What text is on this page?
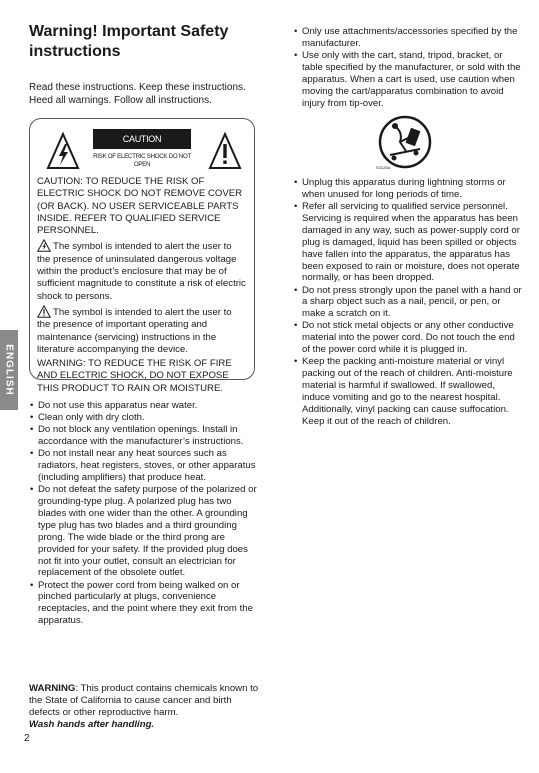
Warning! Important Safety instructions
Read these instructions. Keep these instructions. Heed all warnings. Follow all instructions.
CAUTION
RISK OF ELECTRIC SHOCK DO NOT OPEN

CAUTION: TO REDUCE THE RISK OF ELECTRIC SHOCK DO NOT REMOVE COVER (OR BACK). NO USER SERVICEABLE PARTS INSIDE. REFER TO QUALIFIED SERVICE PERSONNEL.

The symbol is intended to alert the user to the presence of uninsulated dangerous voltage within the product’s enclosure that may be of sufficient magnitude to constitute a risk of electric shock to persons.

The symbol is intended to alert the user to the presence of important operating and maintenance (servicing) instructions in the literature accompanying the device.

WARNING: TO REDUCE THE RISK OF FIRE AND ELECTRIC SHOCK, DO NOT EXPOSE THIS PRODUCT TO RAIN OR MOISTURE.

• Do not use this apparatus near water.
• Clean only with dry cloth.
• Do not block any ventilation openings. Install in accordance with the manufacturer’s instructions.
• Do not install near any heat sources such as radiators, heat registers, stoves, or other apparatus (including amplifiers) that produce heat.
• Do not defeat the safety purpose of the polarized or grounding-type plug. A polarized plug has two blades with one wider than the other. A grounding type plug has two blades and a third grounding prong. The wide blade or the third prong are provided for your safety. If the provided plug does not fit into your outlet, consult an electrician for replacement of the obsolete outlet.
• Protect the power cord from being walked on or pinched particularly at plugs, convenience receptacles, and the point where they exit from the apparatus.
• Only use attachments/accessories specified by the manufacturer.
• Use only with the cart, stand, tripod, bracket, or table specified by the manufacturer, or sold with the apparatus. When a cart is used, use caution when moving the cart/apparatus combination to avoid injury from tip-over.
S3125A
• Unplug this apparatus during lightning storms or when unused for long periods of time.
• Refer all servicing to qualified service personnel. Servicing is required when the apparatus has been damaged in any way, such as power-supply cord or plug is damaged, liquid has been spilled or objects have fallen into the apparatus, the apparatus has been exposed to rain or moisture, does not operate normally, or has been dropped.
• Do not press strongly upon the panel with a hand or a sharp object such as a nail, pencil, or pen, or make a scratch on it.
• Do not stick metal objects or any other conductive material into the power cord. Do not touch the end of the power cord while it is plugged in.
• Keep the packing anti-moisture material or vinyl packing out of the reach of children. Anti-moisture material is harmful if swallowed. If swallowed, induce vomiting and go to the nearest hospital. Additionally, vinyl packing can cause suffocation. Keep it out of the reach of children.
WARNING: This product contains chemicals known to the State of California to cause cancer and birth defects or other reproductive harm.
Wash hands after handling.
ENGLISH
2
